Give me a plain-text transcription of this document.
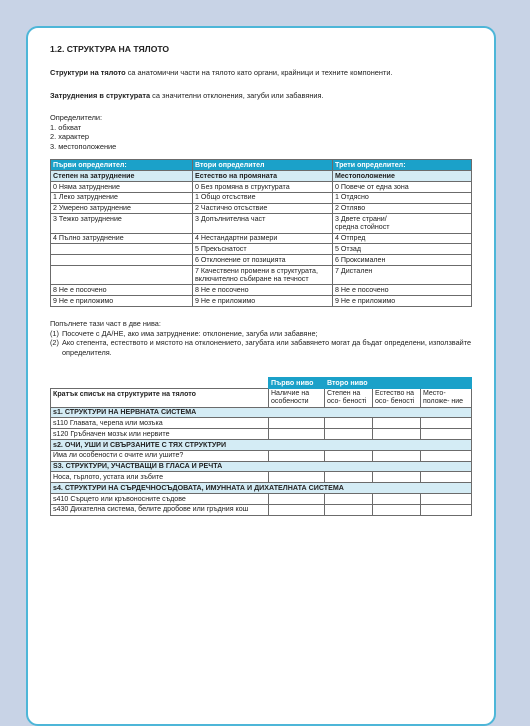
1.2. СТРУКТУРА НА ТЯЛОТО
Структури на тялото са анатомични части на тялото като органи, крайници и техните компоненти.
Затруднения в структурата са значителни отклонения, загуби или забавяния.
Определители:
1. обхват
2. характер
3. местоположение
Първи определител:	Втори определител	Трети определител:
Степен на затруднение	Естество на промяната	Местоположение
0 Няма затруднение	0 Без промяна в структурата	0 Повече от една зона
1 Леко затруднение	1 Общо отсъствие	1 Отдясно
2 Умерено затруднение	2 Частично отсъствие	2 Отляво
3 Тежко затруднение	3 Допълнителна част	3 Двете страни/
средна стойност
4 Пълно затруднение	4 Нестандартни размери	4 Отпред
	5 Прекъснатост	5 Отзад
	6 Отклонение от позицията	6 Проксимален
	7 Качествени промени в структурата, включително събиране на течност	7 Дистален
8 Не е посочено	8 Не е посочено	8 Не е посочено
9 Не е приложимо	9 Не е приложимо	9 Не е приложимо
Попълнете тази част в две нива:
(1) Посочете с ДА/НЕ, ако има затруднение: отклонение, загуба или забавяне;
(2) Ако степента, естеството и мястото на отклонението, загубата или забавянето могат да бъдат определени, използвайте определителя.
	Първо ниво	Второ ниво		
Кратък списък на структурите на тялото	Наличие на особености	Степен на осо- беностi	Естество на осо- беностi	Место- положе- ние
s1. СТРУКТУРИ НА НЕРВНАТА СИСТЕМА				
s110 Главата, черепа или мозъка				
s120 Гръбначен мозък или нервите				
s2. ОЧИ, УШИ И СВЪРЗАНИТЕ С ТЯХ СТРУКТУРИ				
Има ли особености с очите или ушите?				
S3. СТРУКТУРИ, УЧАСТВАЩИ В ГЛАСА И РЕЧТА				
Носа, гърлото, устата или зъбите				
s4. СТРУКТУРИ НА СЪРДЕЧНОСЪДОВАТА, ИМУННАТА И ДИХАТЕЛНАТА СИСТЕМА				
s410 Сърцето или кръвоносните съдове				
s430 Дихателна система, белите дробове или гръдния кош				
